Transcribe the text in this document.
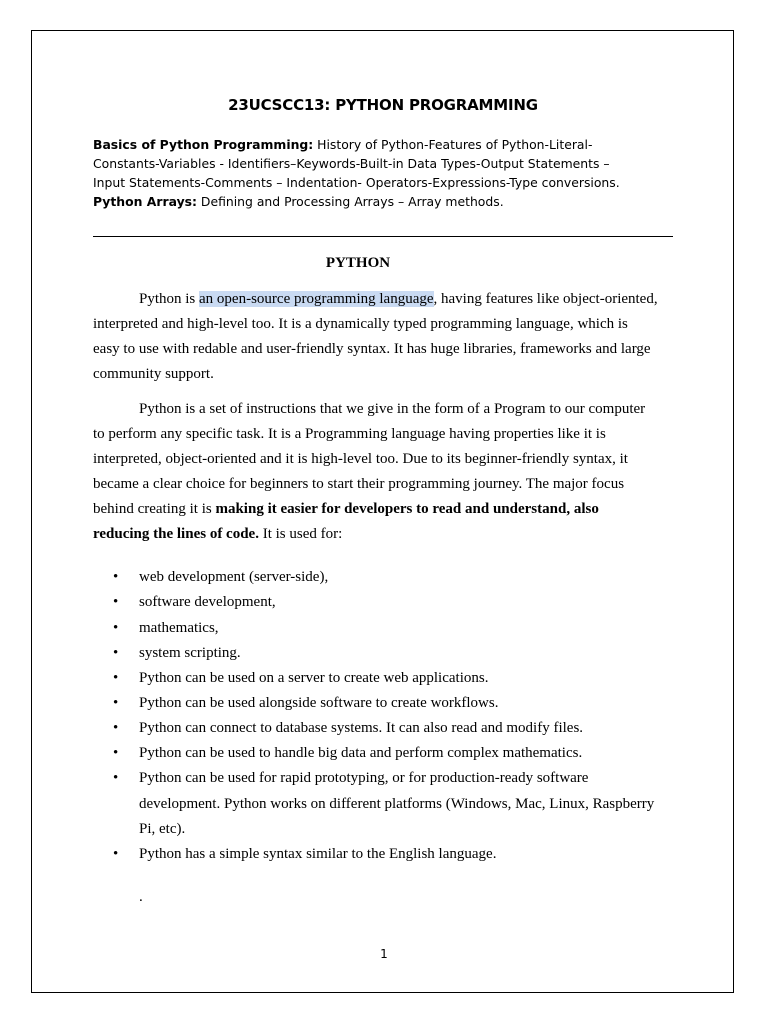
23UCSCC13: PYTHON PROGRAMMING
Basics of Python Programming: History of Python-Features of Python-Literal-
Constants-Variables - Identifiers–Keywords-Built-in Data Types-Output Statements –
Input Statements-Comments – Indentation- Operators-Expressions-Type conversions.
Python Arrays: Defining and Processing Arrays – Array methods.
PYTHON
Python is an open-source programming language, having features like object-oriented,
interpreted and high-level too. It is a dynamically typed programming language, which is
easy to use with redable and user-friendly syntax. It has huge libraries, frameworks and large
community support.
Python is a set of instructions that we give in the form of a Program to our computer
to perform any specific task. It is a Programming language having properties like it is
interpreted, object-oriented and it is high-level too. Due to its beginner-friendly syntax, it
became a clear choice for beginners to start their programming journey. The major focus
behind creating it is making it easier for developers to read and understand, also
reducing the lines of code. It is used for:
• web development (server-side),
• software development,
• mathematics,
• system scripting.
• Python can be used on a server to create web applications.
• Python can be used alongside software to create workflows.
• Python can connect to database systems. It can also read and modify files.
• Python can be used to handle big data and perform complex mathematics.
• Python can be used for rapid prototyping, or for production-ready software
development. Python works on different platforms (Windows, Mac, Linux, Raspberry
Pi, etc).
• Python has a simple syntax similar to the English language.
.
1
